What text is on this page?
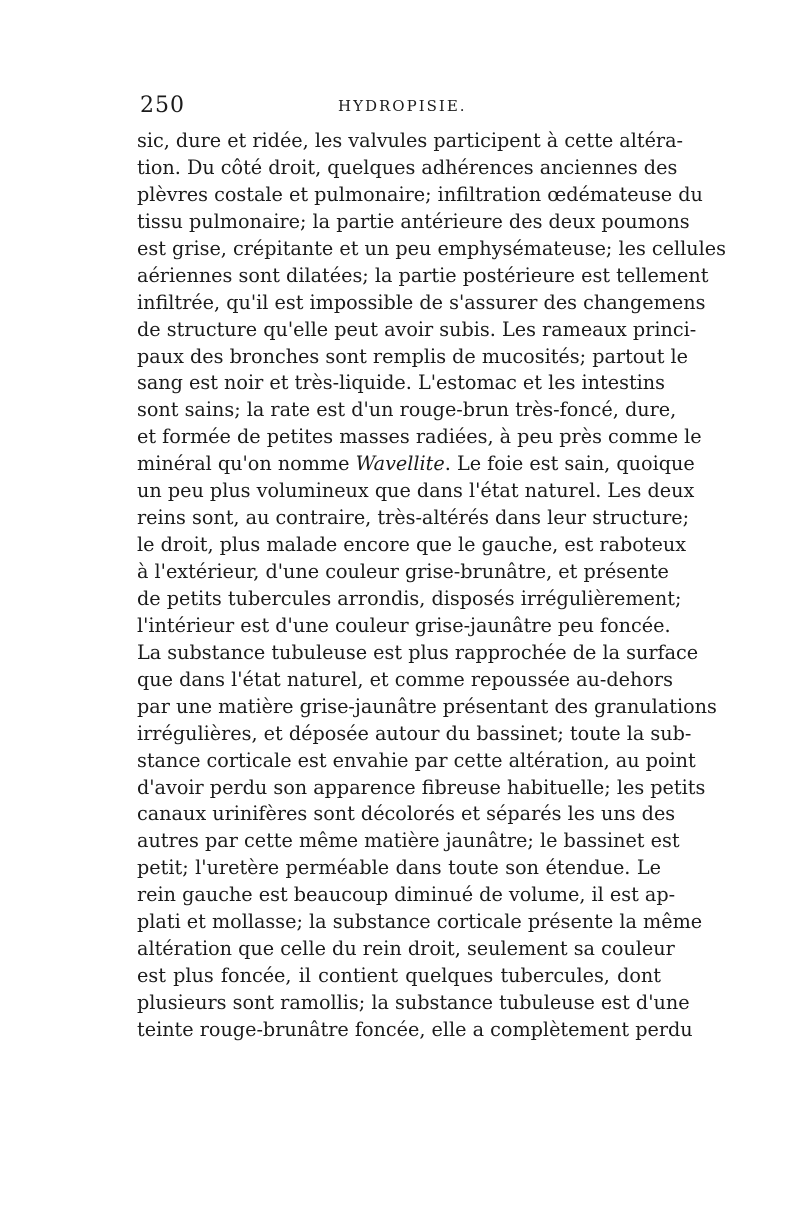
250	HYDROPISIE.
sic, dure et ridée, les valvules participent à cette altéra-
tion. Du côté droit, quelques adhérences anciennes des
plèvres costale et pulmonaire; infiltration œdémateuse du
tissu pulmonaire; la partie antérieure des deux poumons
est grise, crépitante et un peu emphysémateuse; les cellules
aériennes sont dilatées; la partie postérieure est tellement
infiltrée, qu'il est impossible de s'assurer des changemens
de structure qu'elle peut avoir subis. Les rameaux princi-
paux des bronches sont remplis de mucosités; partout le
sang est noir et très-liquide. L'estomac et les intestins
sont sains; la rate est d'un rouge-brun très-foncé, dure,
et formée de petites masses radiées, à peu près comme le
minéral qu'on nomme Wavellite. Le foie est sain, quoique
un peu plus volumineux que dans l'état naturel. Les deux
reins sont, au contraire, très-altérés dans leur structure;
le droit, plus malade encore que le gauche, est raboteux
à l'extérieur, d'une couleur grise-brunâtre, et présente
de petits tubercules arrondis, disposés irrégulièrement;
l'intérieur est d'une couleur grise-jaunâtre peu foncée.
La substance tubuleuse est plus rapprochée de la surface
que dans l'état naturel, et comme repoussée au-dehors
par une matière grise-jaunâtre présentant des granulations
irrégulières, et déposée autour du bassinet; toute la sub-
stance corticale est envahie par cette altération, au point
d'avoir perdu son apparence fibreuse habituelle; les petits
canaux urinifères sont décolorés et séparés les uns des
autres par cette même matière jaunâtre; le bassinet est
petit; l'uretère perméable dans toute son étendue. Le
rein gauche est beaucoup diminué de volume, il est ap-
plati et mollasse; la substance corticale présente la même
altération que celle du rein droit, seulement sa couleur
est plus foncée, il contient quelques tubercules, dont
plusieurs sont ramollis; la substance tubuleuse est d'une
teinte rouge-brunâtre foncée, elle a complètement perdu
